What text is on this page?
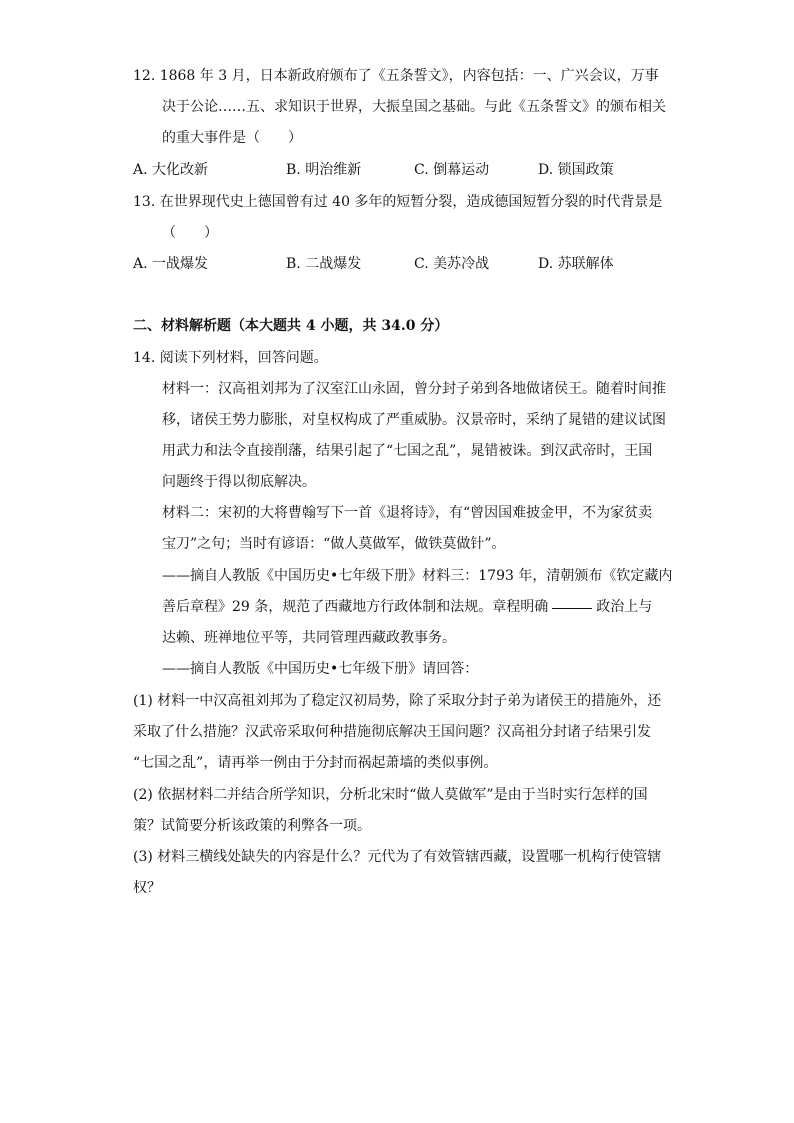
12. 1868 年 3 月，日本新政府颁布了《五条誓文》，内容包括：一、广兴会议，万事
决于公论……五、求知识于世界，大振皇国之基础。与此《五条誓文》的颁布相关
的重大事件是（　　）
A. 大化改新	B. 明治维新	C. 倒幕运动	D. 锁国政策
13. 在世界现代史上德国曾有过 40 多年的短暂分裂，造成德国短暂分裂的时代背景是
（　　）
A. 一战爆发	B. 二战爆发	C. 美苏冷战	D. 苏联解体
二、材料解析题（本大题共 4 小题，共 34.0 分）
14. 阅读下列材料，回答问题。
材料一：汉高祖刘邦为了汉室江山永固，曾分封子弟到各地做诸侯王。随着时间推
移，诸侯王势力膨胀，对皇权构成了严重威胁。汉景帝时，采纳了晁错的建议试图
用武力和法令直接削藩，结果引起了“七国之乱”，晁错被诛。到汉武帝时，王国
问题终于得以彻底解决。
材料二：宋初的大将曹翰写下一首《退将诗》，有“曾因国难披金甲，不为家贫卖
宝刀”之句；当时有谚语：“做人莫做军，做铁莫做针”。
——摘自人教版《中国历史•七年级下册》材料三：1793 年，清朝颁布《钦定藏内
善后章程》29 条，规范了西藏地方行政体制和法规。章程明确	政治上与
达赖、班禅地位平等，共同管理西藏政教事务。
——摘自人教版《中国历史•七年级下册》请回答：
(1) 材料一中汉高祖刘邦为了稳定汉初局势，除了采取分封子弟为诸侯王的措施外，还
采取了什么措施？汉武帝采取何种措施彻底解决王国问题？汉高祖分封诸子结果引发
“七国之乱”，请再举一例由于分封而祸起萧墙的类似事例。
(2) 依据材料二并结合所学知识，分析北宋时“做人莫做军”是由于当时实行怎样的国
策？试简要分析该政策的利弊各一项。
(3) 材料三横线处缺失的内容是什么？元代为了有效管辖西藏，设置哪一机构行使管辖
权？
